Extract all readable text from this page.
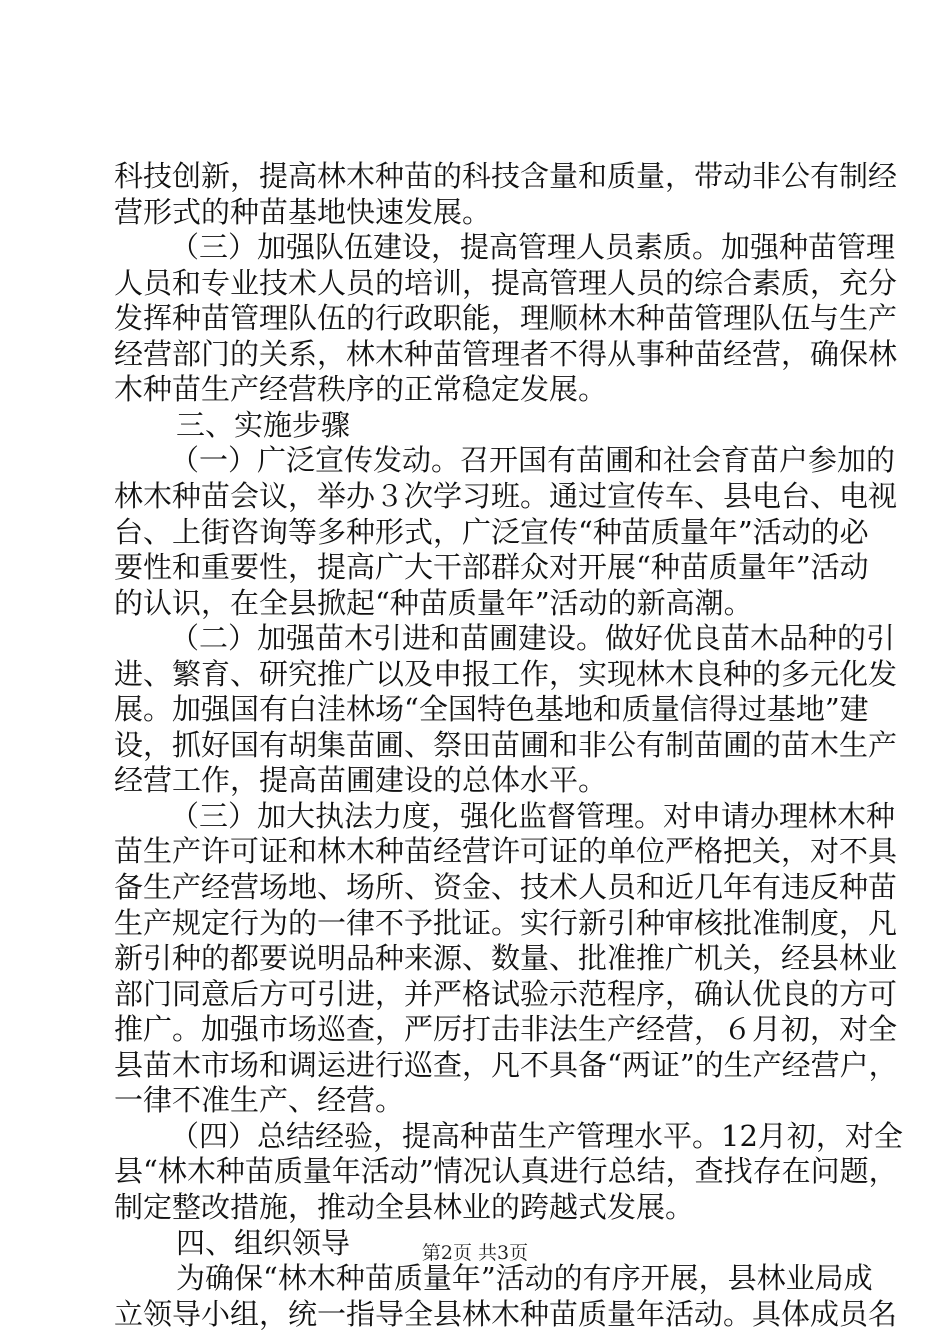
科技创新，提高林木种苗的科技含量和质量，带动非公有制经
营形式的种苗基地快速发展。
（三）加强队伍建设，提高管理人员素质。加强种苗管理
人员和专业技术人员的培训，提高管理人员的综合素质，充分
发挥种苗管理队伍的行政职能，理顺林木种苗管理队伍与生产
经营部门的关系，林木种苗管理者不得从事种苗经营，确保林
木种苗生产经营秩序的正常稳定发展。
三、实施步骤
（一）广泛宣传发动。召开国有苗圃和社会育苗户参加的
林木种苗会议，举办３次学习班。通过宣传车、县电台、电视
台、上街咨询等多种形式，广泛宣传“种苗质量年”活动的必
要性和重要性，提高广大干部群众对开展“种苗质量年”活动
的认识，在全县掀起“种苗质量年”活动的新高潮。
（二）加强苗木引进和苗圃建设。做好优良苗木品种的引
进、繁育、研究推广以及申报工作，实现林木良种的多元化发
展。加强国有白洼林场“全国特色基地和质量信得过基地”建
设，抓好国有胡集苗圃、祭田苗圃和非公有制苗圃的苗木生产
经营工作，提高苗圃建设的总体水平。
（三）加大执法力度，强化监督管理。对申请办理林木种
苗生产许可证和林木种苗经营许可证的单位严格把关，对不具
备生产经营场地、场所、资金、技术人员和近几年有违反种苗
生产规定行为的一律不予批证。实行新引种审核批准制度，凡
新引种的都要说明品种来源、数量、批准推广机关，经县林业
部门同意后方可引进，并严格试验示范程序，确认优良的方可
推广。加强市场巡查，严厉打击非法生产经营，６月初，对全
县苗木市场和调运进行巡查，凡不具备“两证”的生产经营户，
一律不准生产、经营。
（四）总结经验，提高种苗生产管理水平。12月初，对全
县“林木种苗质量年活动”情况认真进行总结，查找存在问题，
制定整改措施，推动全县林业的跨越式发展。
四、组织领导
为确保“林木种苗质量年”活动的有序开展，县林业局成
立领导小组，统一指导全县林木种苗质量年活动。具体成员名
第2页 共3页
